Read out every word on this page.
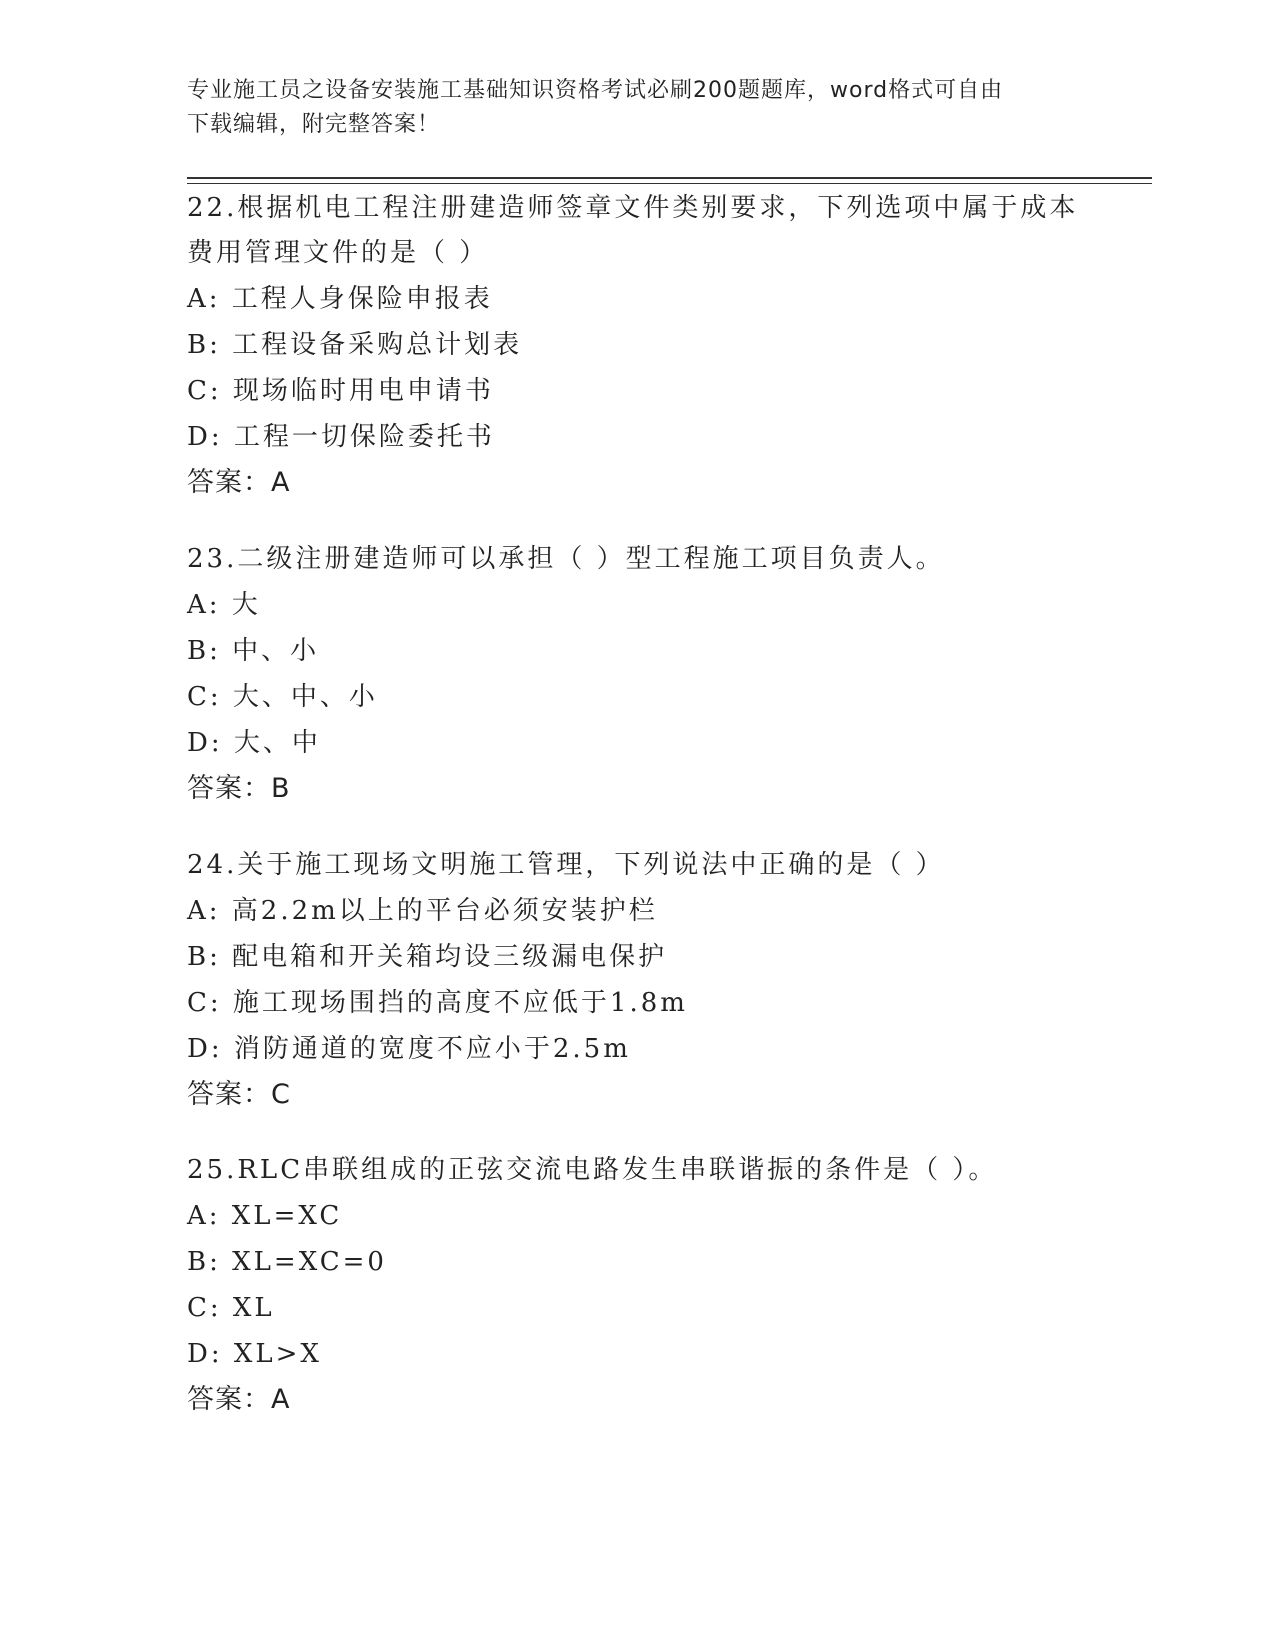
专业施工员之设备安装施工基础知识资格考试必刷200题题库，word格式可自由
下载编辑，附完整答案！
22.根据机电工程注册建造师签章文件类别要求，下列选项中属于成本
费用管理文件的是（ ）
A: 工程人身保险申报表
B: 工程设备采购总计划表
C: 现场临时用电申请书
D: 工程一切保险委托书
答案：A
23.二级注册建造师可以承担（ ）型工程施工项目负责人。
A: 大
B: 中、小
C: 大、中、小
D: 大、中
答案：B
24.关于施工现场文明施工管理，下列说法中正确的是（ ）
A: 高2.2m以上的平台必须安装护栏
B: 配电箱和开关箱均设三级漏电保护
C: 施工现场围挡的高度不应低于1.8m
D: 消防通道的宽度不应小于2.5m
答案：C
25.RLC串联组成的正弦交流电路发生串联谐振的条件是（ ）。
A: XL=XC
B: XL=XC=0
C: XL
D: XL>X
答案：A
